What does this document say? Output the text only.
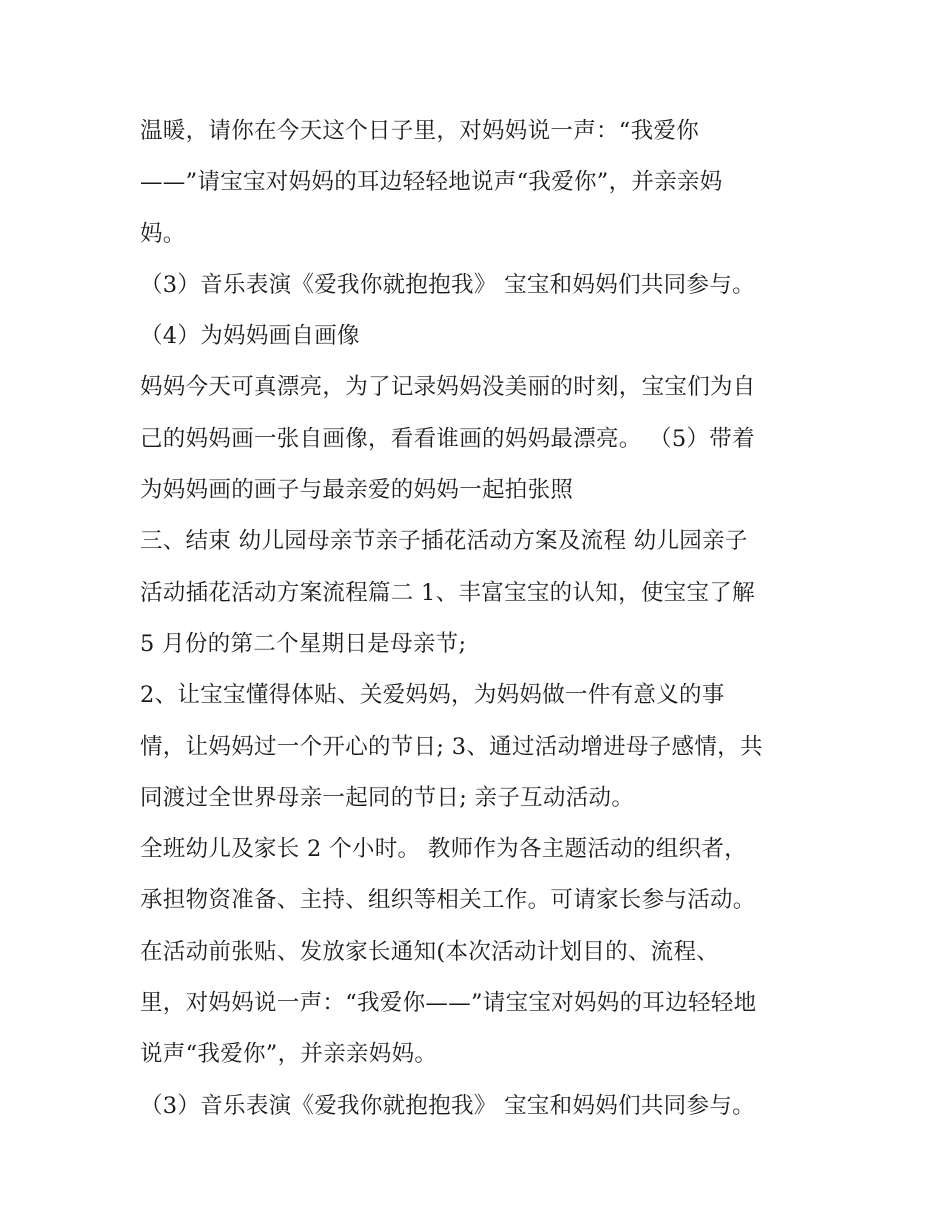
温暖，请你在今天这个日子里，对妈妈说一声：“我爱你
——”请宝宝对妈妈的耳边轻轻地说声“我爱你”，并亲亲妈
妈。
（3）音乐表演《爱我你就抱抱我》 宝宝和妈妈们共同参与。
（4）为妈妈画自画像
妈妈今天可真漂亮，为了记录妈妈没美丽的时刻，宝宝们为自
己的妈妈画一张自画像，看看谁画的妈妈最漂亮。 （5）带着
为妈妈画的画子与最亲爱的妈妈一起拍张照
三、结束 幼儿园母亲节亲子插花活动方案及流程 幼儿园亲子
活动插花活动方案流程篇二 1、丰富宝宝的认知，使宝宝了解
5 月份的第二个星期日是母亲节;
2、让宝宝懂得体贴、关爱妈妈，为妈妈做一件有意义的事
情，让妈妈过一个开心的节日; 3、通过活动增进母子感情，共
同渡过全世界母亲一起同的节日; 亲子互动活动。
全班幼儿及家长 2 个小时。 教师作为各主题活动的组织者，
承担物资准备、主持、组织等相关工作。可请家长参与活动。
在活动前张贴、发放家长通知(本次活动计划目的、流程、
里，对妈妈说一声：“我爱你——”请宝宝对妈妈的耳边轻轻地
说声“我爱你”，并亲亲妈妈。
（3）音乐表演《爱我你就抱抱我》 宝宝和妈妈们共同参与。
